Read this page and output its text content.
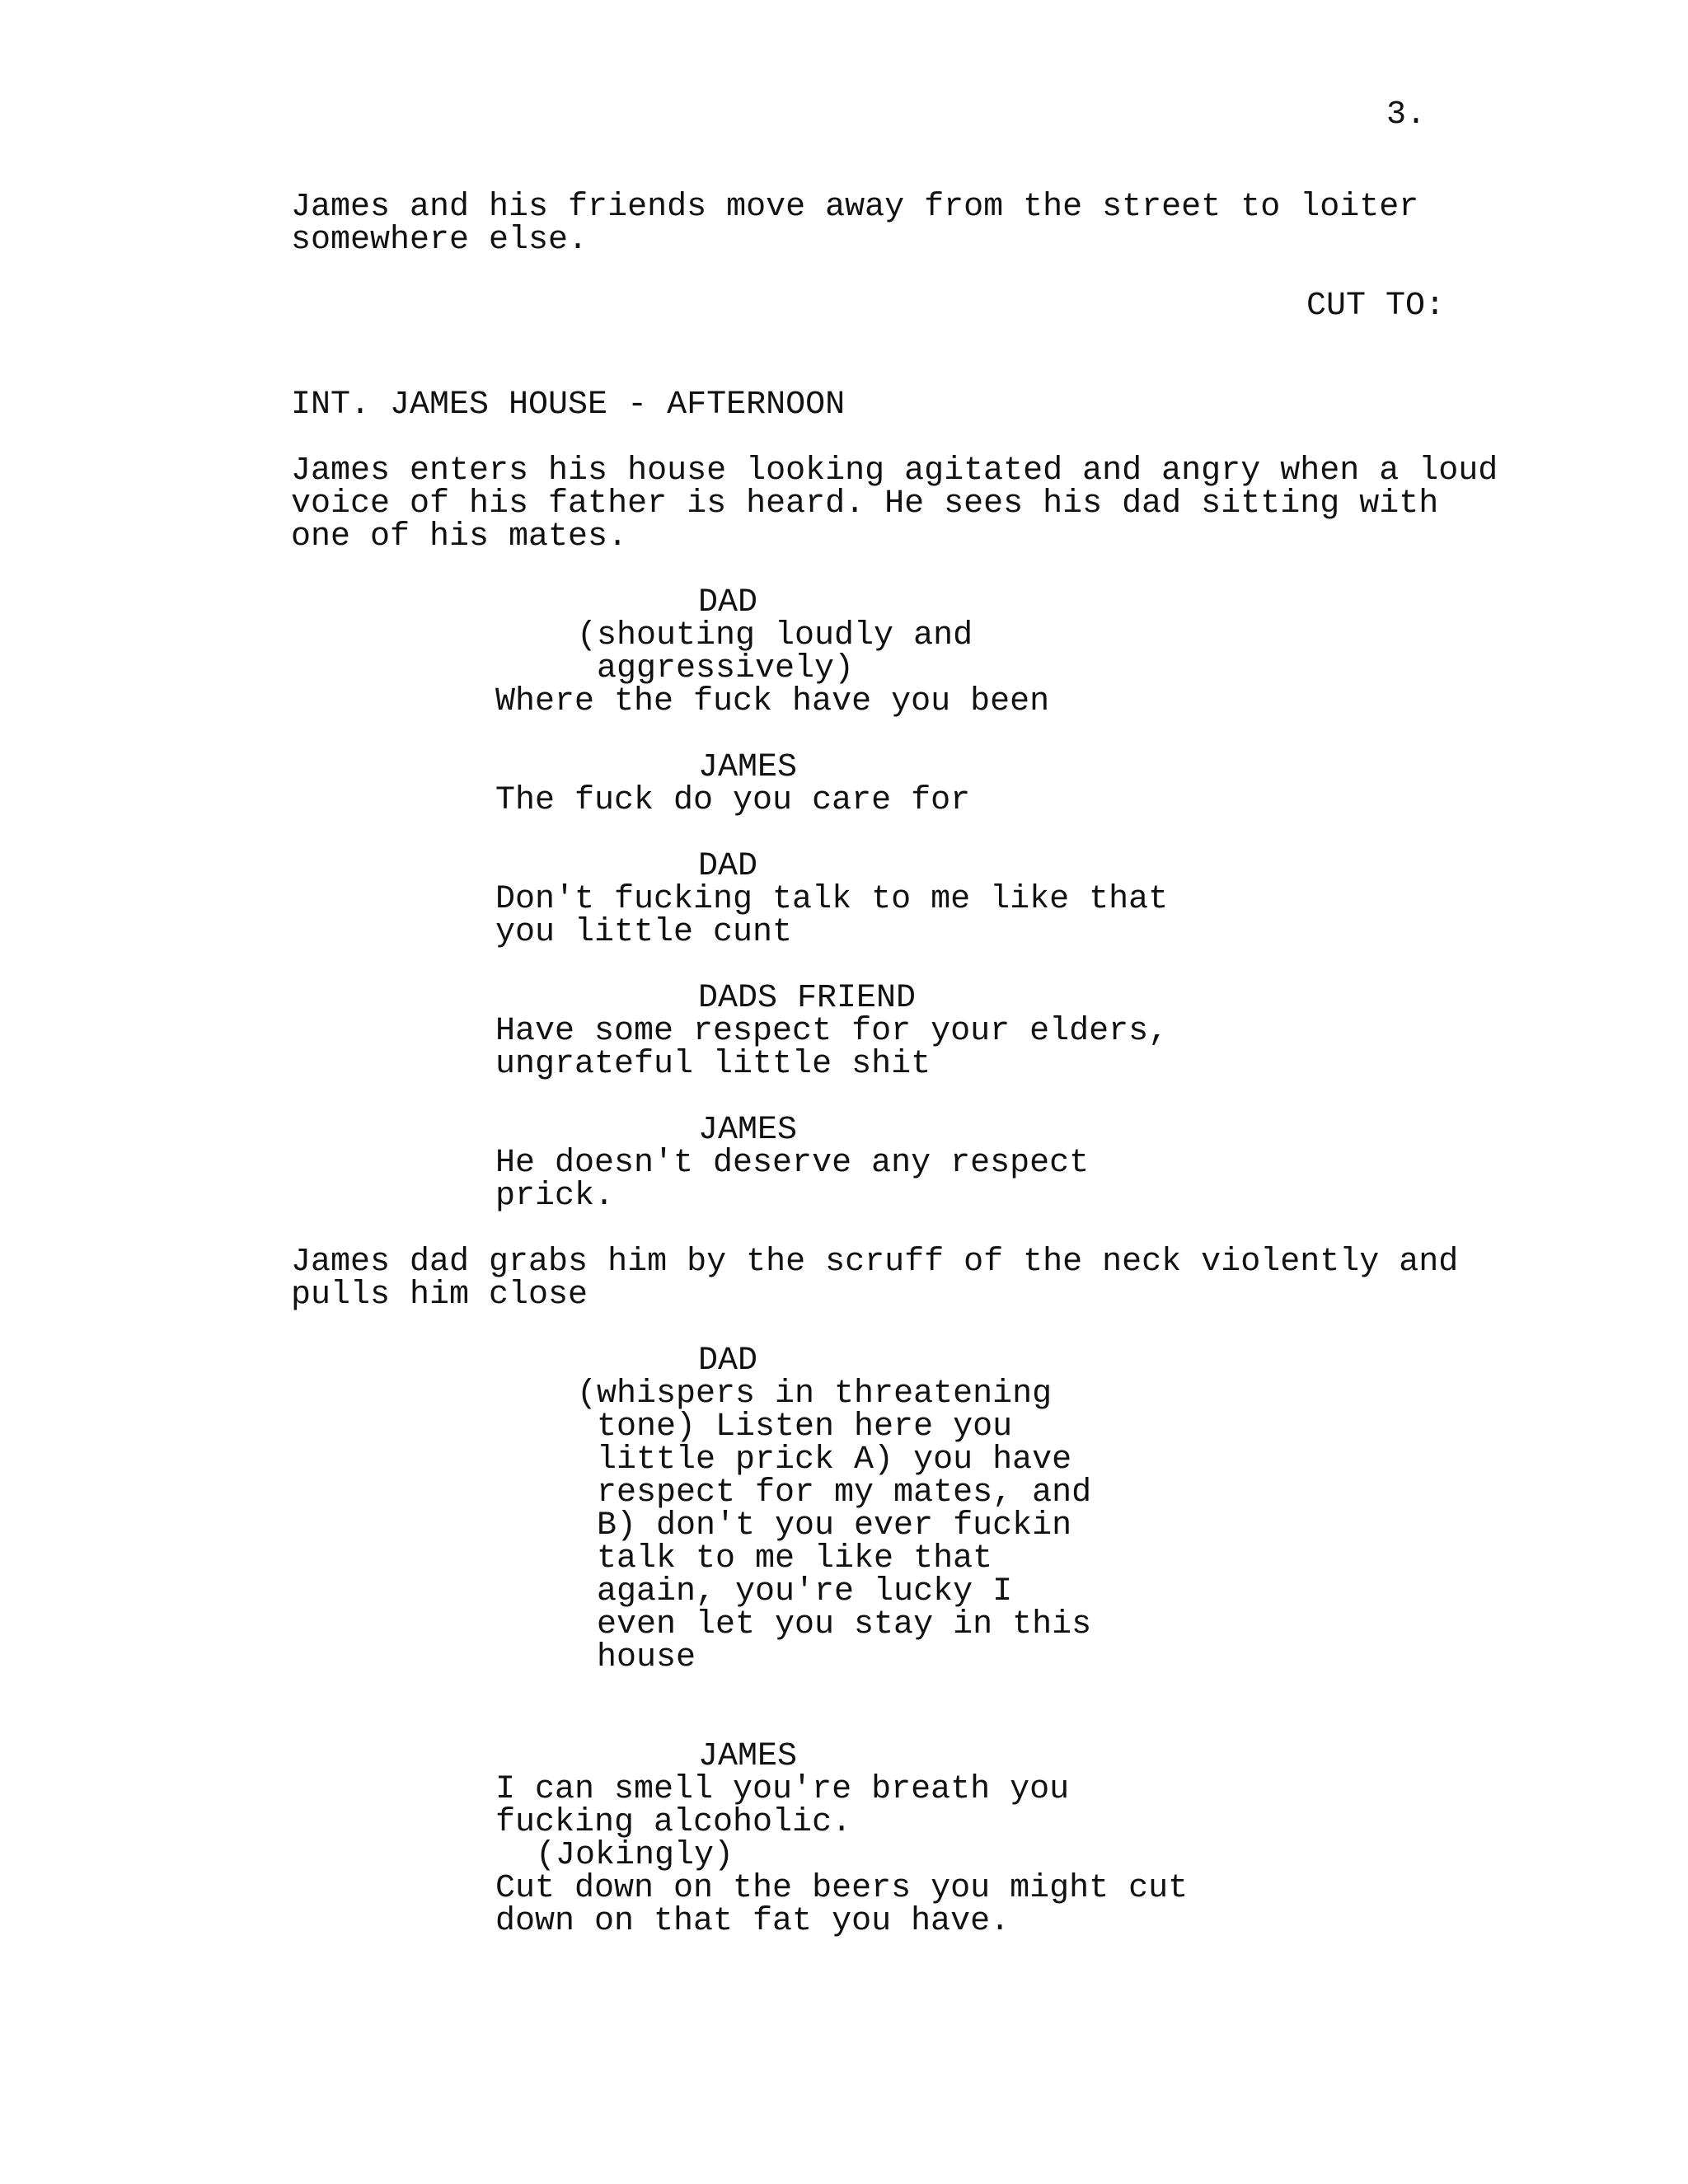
3.
James and his friends move away from the street to loiter
somewhere else.
CUT TO:
INT. JAMES HOUSE - AFTERNOON
James enters his house looking agitated and angry when a loud
voice of his father is heard. He sees his dad sitting with
one of his mates.
DAD
(shouting loudly and
aggressively)
Where the fuck have you been
JAMES
The fuck do you care for
DAD
Don't fucking talk to me like that
you little cunt
DADS FRIEND
Have some respect for your elders,
ungrateful little shit
JAMES
He doesn't deserve any respect
prick.
James dad grabs him by the scruff of the neck violently and
pulls him close
DAD
(whispers in threatening
tone) Listen here you
little prick A) you have
respect for my mates, and
B) don't you ever fuckin
talk to me like that
again, you're lucky I
even let you stay in this
house
JAMES
I can smell you're breath you
fucking alcoholic.
(Jokingly)
Cut down on the beers you might cut
down on that fat you have.
